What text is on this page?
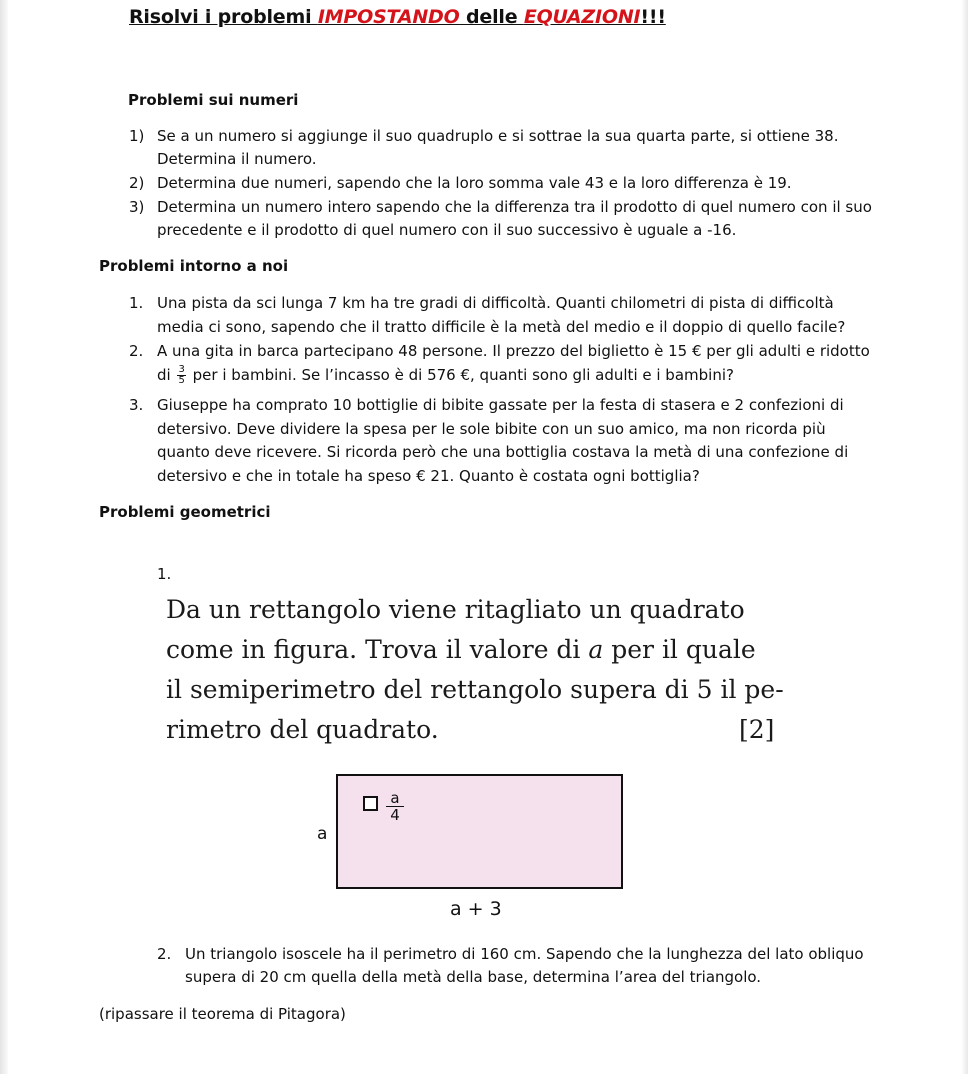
Risolvi i problemi IMPOSTANDO delle EQUAZIONI!!!
Problemi sui numeri
1) Se a un numero si aggiunge il suo quadruplo e si sottrae la sua quarta parte, si ottiene 38.
Determina il numero.
2) Determina due numeri, sapendo che la loro somma vale 43 e la loro differenza è 19.
3) Determina un numero intero sapendo che la differenza tra il prodotto di quel numero con il suo
precedente e il prodotto di quel numero con il suo successivo è uguale a -16.
Problemi intorno a noi
1. Una pista da sci lunga 7 km ha tre gradi di difficoltà. Quanti chilometri di pista di difficoltà
media ci sono, sapendo che il tratto difficile è la metà del medio e il doppio di quello facile?
2. A una gita in barca partecipano 48 persone. Il prezzo del biglietto è 15 € per gli adulti e ridotto
di $\frac{3}{5}$ per i bambini. Se l’incasso è di 576 €, quanti sono gli adulti e i bambini?
3. Giuseppe ha comprato 10 bottiglie di bibite gassate per la festa di stasera e 2 confezioni di
detersivo. Deve dividere la spesa per le sole bibite con un suo amico, ma non ricorda più
quanto deve ricevere. Si ricorda però che una bottiglia costava la metà di una confezione di
detersivo e che in totale ha speso € 21. Quanto è costata ogni bottiglia?
Problemi geometrici
1.
Da un rettangolo viene ritagliato un quadrato
come in figura. Trova il valore di a per il quale
il semiperimetro del rettangolo supera di 5 il pe-
rimetro del quadrato.	[2]
$\frac{a}{4}$
a
a + 3
2. Un triangolo isoscele ha il perimetro di 160 cm. Sapendo che la lunghezza del lato obliquo
supera di 20 cm quella della metà della base, determina l’area del triangolo.
(ripassare il teorema di Pitagora)
